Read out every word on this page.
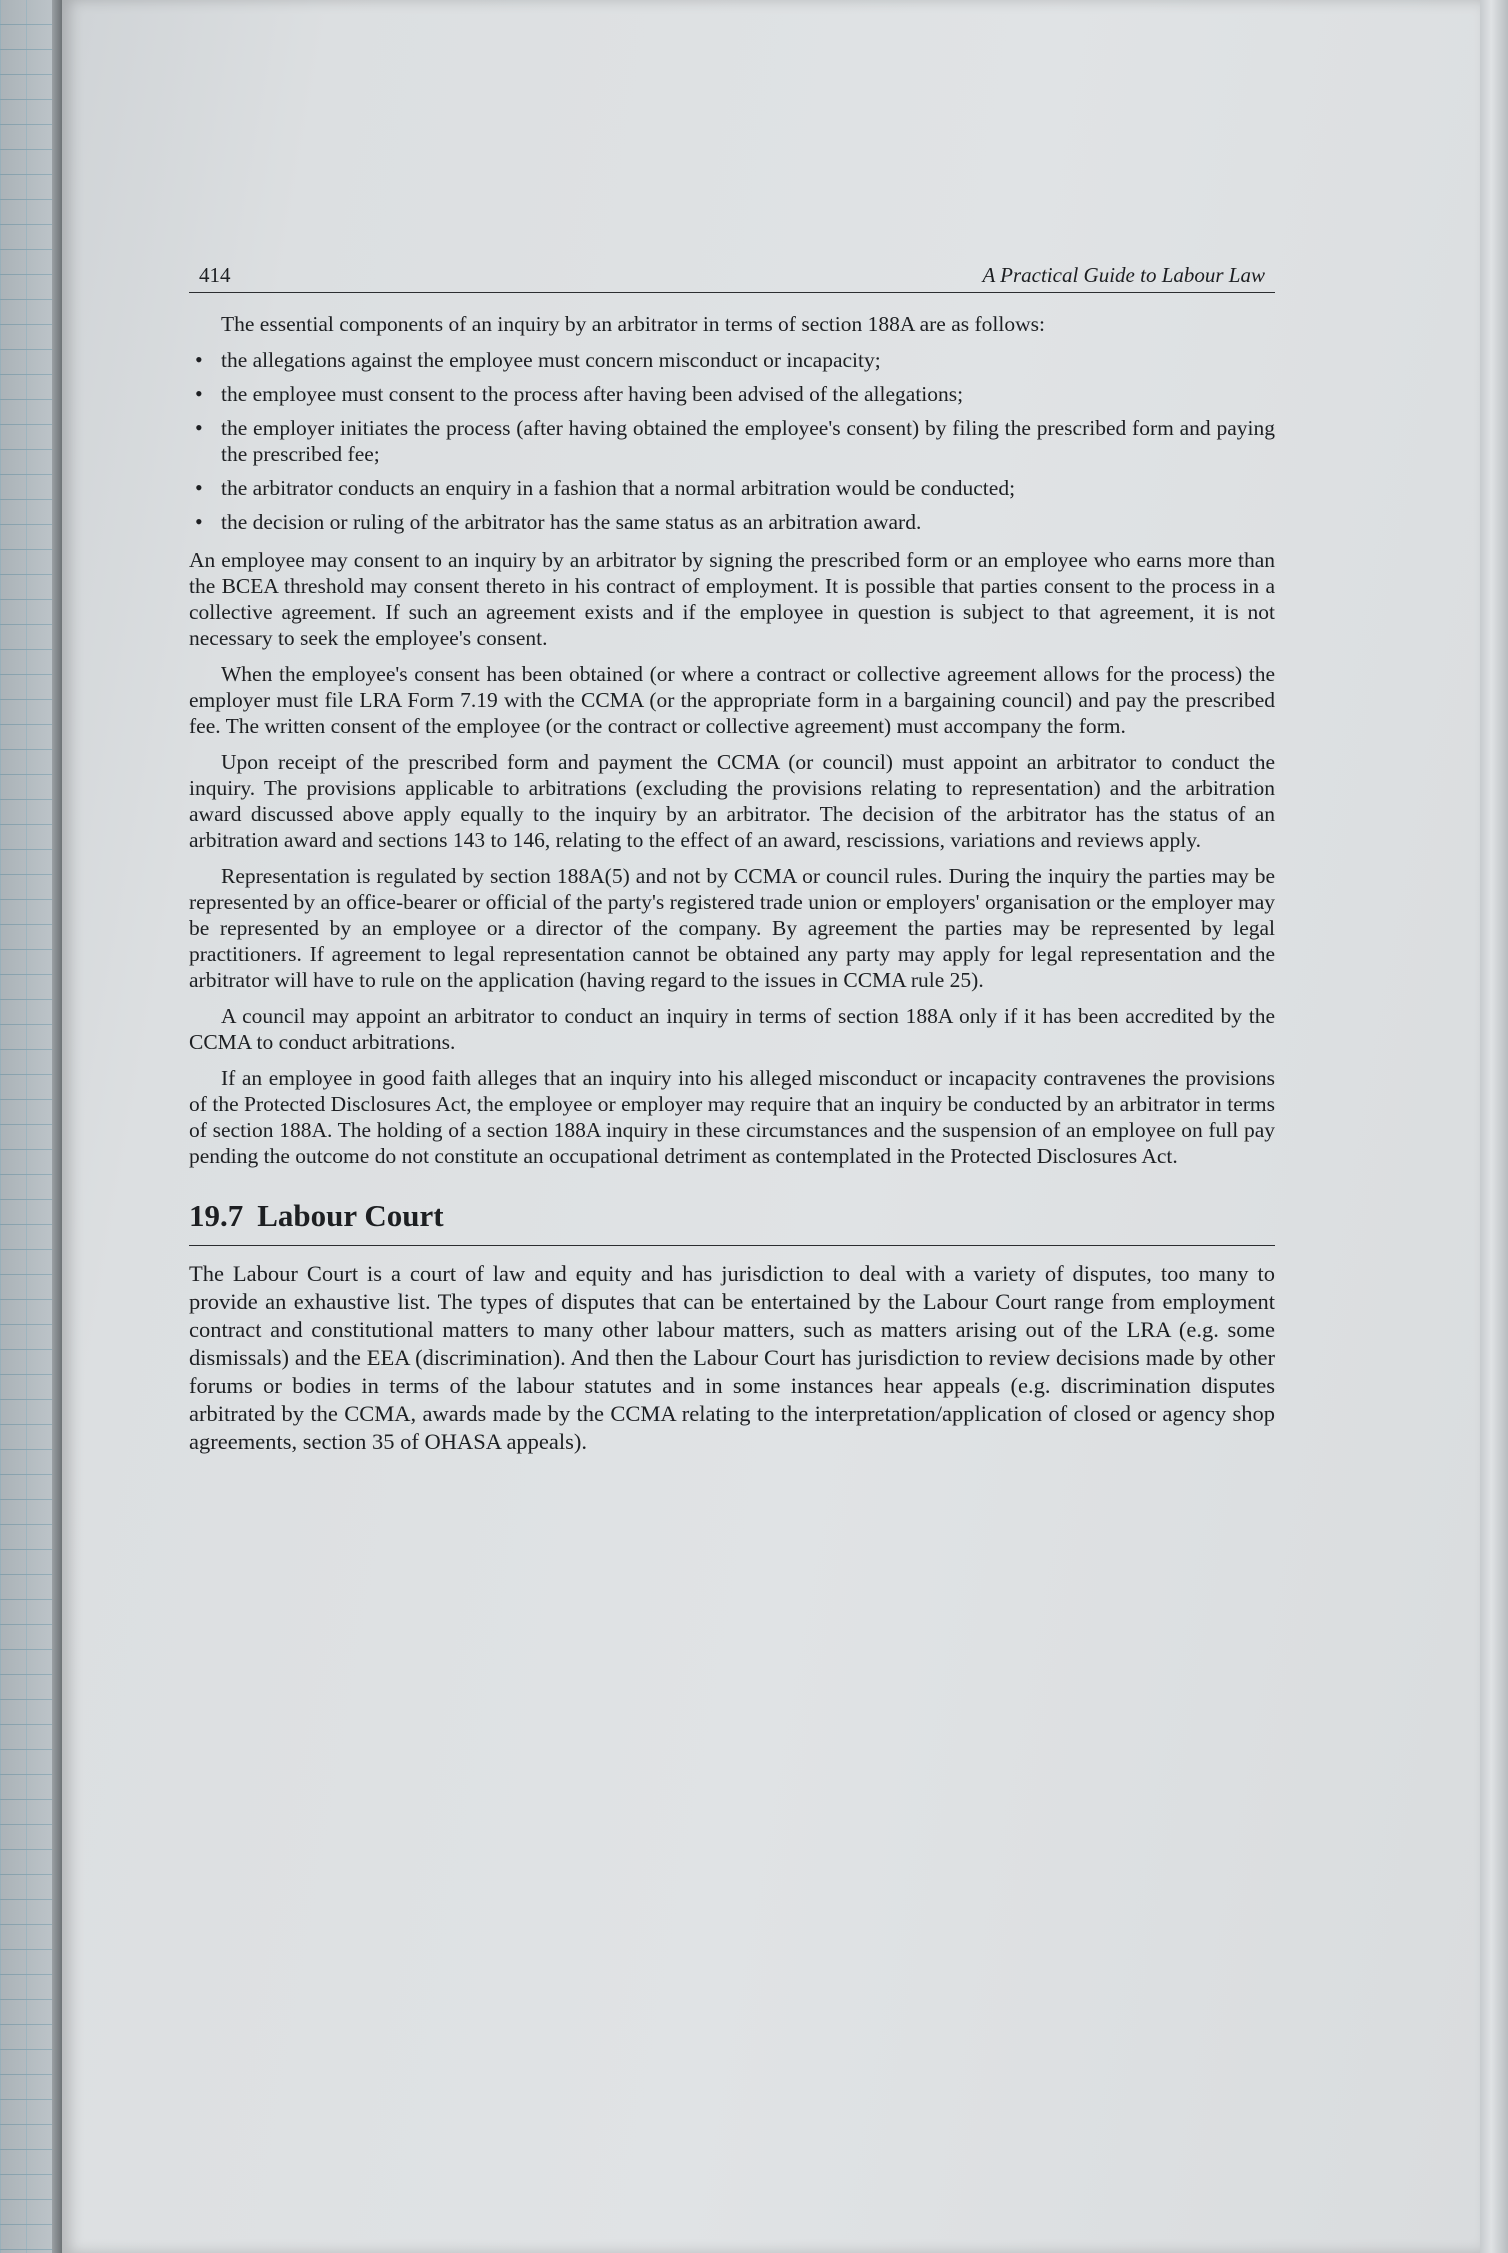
414	A Practical Guide to Labour Law

The essential components of an inquiry by an arbitrator in terms of section 188A are as follows:

• the allegations against the employee must concern misconduct or incapacity;
• the employee must consent to the process after having been advised of the allegations;
• the employer initiates the process (after having obtained the employee's consent) by filing the prescribed form and paying the prescribed fee;
• the arbitrator conducts an enquiry in a fashion that a normal arbitration would be conducted;
• the decision or ruling of the arbitrator has the same status as an arbitration award.

An employee may consent to an inquiry by an arbitrator by signing the prescribed form or an employee who earns more than the BCEA threshold may consent thereto in his contract of employment. It is possible that parties consent to the process in a collective agreement. If such an agreement exists and if the employee in question is subject to that agreement, it is not necessary to seek the employee's consent.

When the employee's consent has been obtained (or where a contract or collective agreement allows for the process) the employer must file LRA Form 7.19 with the CCMA (or the appropriate form in a bargaining council) and pay the prescribed fee. The written consent of the employee (or the contract or collective agreement) must accompany the form.

Upon receipt of the prescribed form and payment the CCMA (or council) must appoint an arbitrator to conduct the inquiry. The provisions applicable to arbitrations (excluding the provisions relating to representation) and the arbitration award discussed above apply equally to the inquiry by an arbitrator. The decision of the arbitrator has the status of an arbitration award and sections 143 to 146, relating to the effect of an award, rescissions, variations and reviews apply.

Representation is regulated by section 188A(5) and not by CCMA or council rules. During the inquiry the parties may be represented by an office-bearer or official of the party's registered trade union or employers' organisation or the employer may be represented by an employee or a director of the company. By agreement the parties may be represented by legal practitioners. If agreement to legal representation cannot be obtained any party may apply for legal representation and the arbitrator will have to rule on the application (having regard to the issues in CCMA rule 25).

A council may appoint an arbitrator to conduct an inquiry in terms of section 188A only if it has been accredited by the CCMA to conduct arbitrations.

If an employee in good faith alleges that an inquiry into his alleged misconduct or incapacity contravenes the provisions of the Protected Disclosures Act, the employee or employer may require that an inquiry be conducted by an arbitrator in terms of section 188A. The holding of a section 188A inquiry in these circumstances and the suspension of an employee on full pay pending the outcome do not constitute an occupational detriment as contemplated in the Protected Disclosures Act.

19.7 Labour Court

The Labour Court is a court of law and equity and has jurisdiction to deal with a variety of disputes, too many to provide an exhaustive list. The types of disputes that can be entertained by the Labour Court range from employment contract and constitutional matters to many other labour matters, such as matters arising out of the LRA (e.g. some dismissals) and the EEA (discrimination). And then the Labour Court has jurisdiction to review decisions made by other forums or bodies in terms of the labour statutes and in some instances hear appeals (e.g. discrimination disputes arbitrated by the CCMA, awards made by the CCMA relating to the interpretation/application of closed or agency shop agreements, section 35 of OHASA appeals).
